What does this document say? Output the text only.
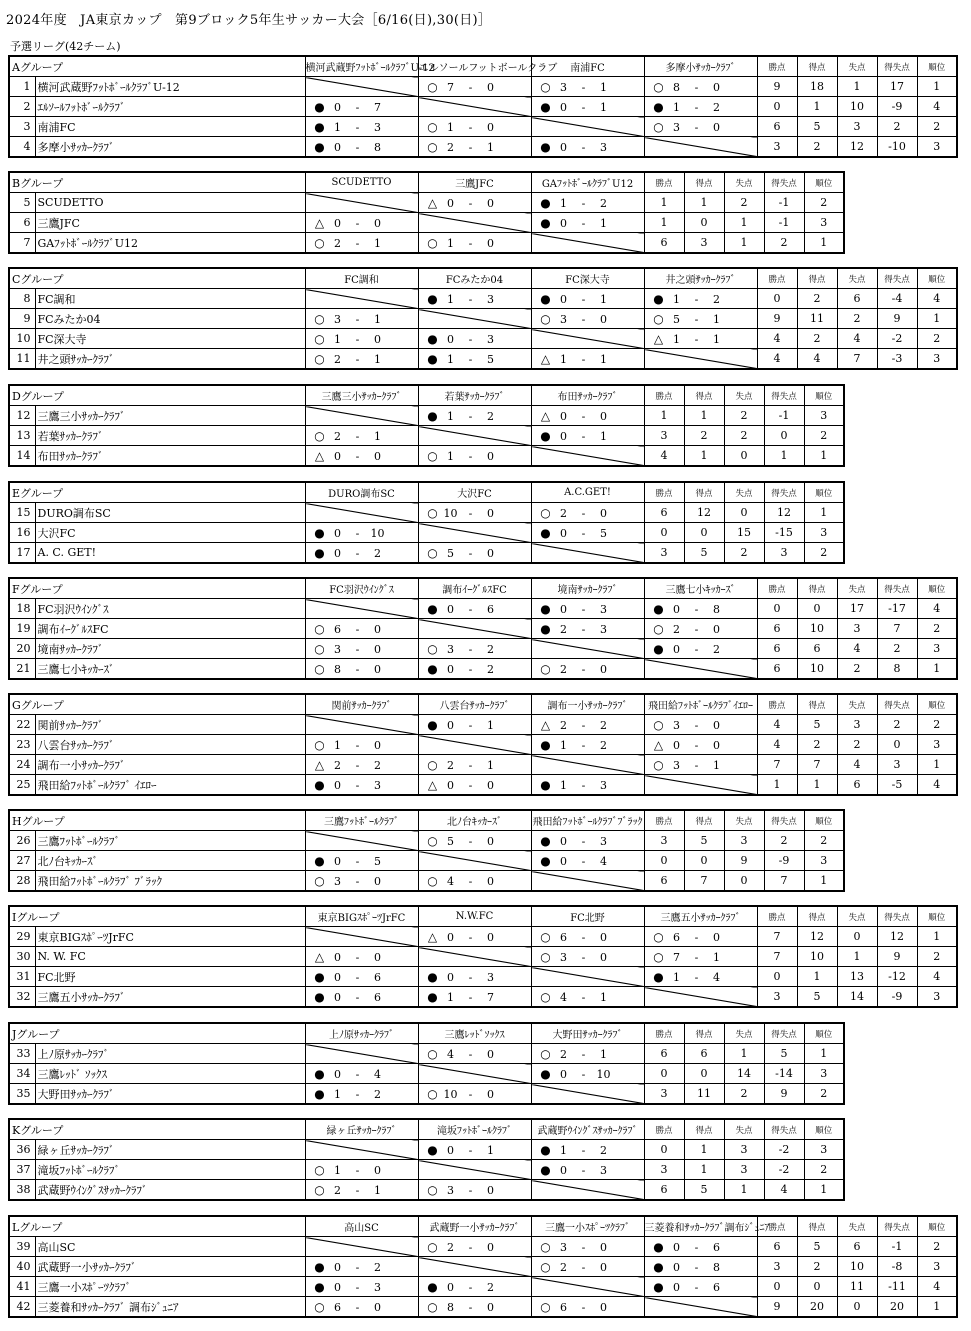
2024年度　JA東京カップ　第9ブロック5年生サッカー大会［6/16(日),30(日)］
予選リーグ(42チーム)
Aグループ		横河武蔵野ﾌｯﾄﾎﾞｰﾙｸﾗﾌﾞU-12	エルソールフットボールクラブ	南浦FC	多摩小ｻｯｶｰｸﾗﾌﾞ	勝点	得点	失点	得失点	順位
1	横河武蔵野ﾌｯﾄﾎﾞｰﾙｸﾗﾌﾞU-12		○ 7 - 0	○ 3 - 1	○ 8 - 0	9	18	1	17	1
2	ｴﾙｿｰﾙﾌｯﾄﾎﾞｰﾙｸﾗﾌﾞ	● 0 - 7		● 0 - 1	● 1 - 2	0	1	10	-9	4
3	南浦FC	● 1 - 3	○ 1 - 0		○ 3 - 0	6	5	3	2	2
4	多摩小ｻｯｶｰｸﾗﾌﾞ	● 0 - 8	○ 2 - 1	● 0 - 3		3	2	12	-10	3
Bグループ		SCUDETTO	三鷹JFC	GAﾌｯﾄﾎﾞｰﾙｸﾗﾌﾞU12	勝点	得点	失点	得失点	順位
5	SCUDETTO		△ 0 - 0	● 1 - 2	1	1	2	-1	2
6	三鷹JFC	△ 0 - 0		● 0 - 1	1	0	1	-1	3
7	GAﾌｯﾄﾎﾞｰﾙｸﾗﾌﾞU12	○ 2 - 1	○ 1 - 0		6	3	1	2	1
Cグループ		FC調和	FCみたか04	FC深大寺	井之頭ｻｯｶｰｸﾗﾌﾞ	勝点	得点	失点	得失点	順位
8	FC調和		● 1 - 3	● 0 - 1	● 1 - 2	0	2	6	-4	4
9	FCみたか04	○ 3 - 1		○ 3 - 0	○ 5 - 1	9	11	2	9	1
10	FC深大寺	○ 1 - 0	● 0 - 3		△ 1 - 1	4	2	4	-2	2
11	井之頭ｻｯｶｰｸﾗﾌﾞ	○ 2 - 1	● 1 - 5	△ 1 - 1		4	4	7	-3	3
Dグループ		三鷹三小ｻｯｶｰｸﾗﾌﾞ	若葉ｻｯｶｰｸﾗﾌﾞ	布田ｻｯｶｰｸﾗﾌﾞ	勝点	得点	失点	得失点	順位
12	三鷹三小ｻｯｶｰｸﾗﾌﾞ		● 1 - 2	△ 0 - 0	1	1	2	-1	3
13	若葉ｻｯｶｰｸﾗﾌﾞ	○ 2 - 1		● 0 - 1	3	2	2	0	2
14	布田ｻｯｶｰｸﾗﾌﾞ	△ 0 - 0	○ 1 - 0		4	1	0	1	1
Eグループ		DURO調布SC	大沢FC	A.C.GET!	勝点	得点	失点	得失点	順位
15	DURO調布SC		○ 10 - 0	○ 2 - 0	6	12	0	12	1
16	大沢FC	● 0 - 10		● 0 - 5	0	0	15	-15	3
17	A. C. GET!	● 0 - 2	○ 5 - 0		3	5	2	3	2
Fグループ		FC羽沢ｳｲﾝｸﾞｽ	調布ｲｰｸﾞﾙｽFC	境南ｻｯｶｰｸﾗﾌﾞ	三鷹七小ｷｯｶｰｽﾞ	勝点	得点	失点	得失点	順位
18	FC羽沢ｳｲﾝｸﾞｽ		● 0 - 6	● 0 - 3	● 0 - 8	0	0	17	-17	4
19	調布ｲｰｸﾞﾙｽFC	○ 6 - 0		● 2 - 3	○ 2 - 0	6	10	3	7	2
20	境南ｻｯｶｰｸﾗﾌﾞ	○ 3 - 0	○ 3 - 2		● 0 - 2	6	6	4	2	3
21	三鷹七小ｷｯｶｰｽﾞ	○ 8 - 0	● 0 - 2	○ 2 - 0		6	10	2	8	1
Gグループ		関前ｻｯｶｰｸﾗﾌﾞ	八雲台ｻｯｶｰｸﾗﾌﾞ	調布一小ｻｯｶｰｸﾗﾌﾞ	飛田給ﾌｯﾄﾎﾞｰﾙｸﾗﾌﾞｲｴﾛｰ	勝点	得点	失点	得失点	順位
22	関前ｻｯｶｰｸﾗﾌﾞ		● 0 - 1	△ 2 - 2	○ 3 - 0	4	5	3	2	2
23	八雲台ｻｯｶｰｸﾗﾌﾞ	○ 1 - 0		● 1 - 2	△ 0 - 0	4	2	2	0	3
24	調布一小ｻｯｶｰｸﾗﾌﾞ	△ 2 - 2	○ 2 - 1		○ 3 - 1	7	7	4	3	1
25	飛田給ﾌｯﾄﾎﾞｰﾙｸﾗﾌﾞ ｲｴﾛｰ	● 0 - 3	△ 0 - 0	● 1 - 3		1	1	6	-5	4
Hグループ		三鷹ﾌｯﾄﾎﾞｰﾙｸﾗﾌﾞ	北ﾉ台ｷｯｶｰｽﾞ	飛田給ﾌｯﾄﾎﾞｰﾙｸﾗﾌﾞﾌﾞﾗｯｸ	勝点	得点	失点	得失点	順位
26	三鷹ﾌｯﾄﾎﾞｰﾙｸﾗﾌﾞ		○ 5 - 0	● 0 - 3	3	5	3	2	2
27	北ﾉ台ｷｯｶｰｽﾞ	● 0 - 5		● 0 - 4	0	0	9	-9	3
28	飛田給ﾌｯﾄﾎﾞｰﾙｸﾗﾌﾞ ﾌﾞﾗｯｸ	○ 3 - 0	○ 4 - 0		6	7	0	7	1
Iグループ		東京BIGｽﾎﾟｰﾂJrFC	N.W.FC	FC北野	三鷹五小ｻｯｶｰｸﾗﾌﾞ	勝点	得点	失点	得失点	順位
29	東京BIGｽﾎﾟｰﾂJrFC		△ 0 - 0	○ 6 - 0	○ 6 - 0	7	12	0	12	1
30	N. W. FC	△ 0 - 0		○ 3 - 0	○ 7 - 1	7	10	1	9	2
31	FC北野	● 0 - 6	● 0 - 3		● 1 - 4	0	1	13	-12	4
32	三鷹五小ｻｯｶｰｸﾗﾌﾞ	● 0 - 6	● 1 - 7	○ 4 - 1		3	5	14	-9	3
Jグループ		上ﾉ原ｻｯｶｰｸﾗﾌﾞ	三鷹ﾚｯﾄﾞｿｯｸｽ	大野田ｻｯｶｰｸﾗﾌﾞ	勝点	得点	失点	得失点	順位
33	上ﾉ原ｻｯｶｰｸﾗﾌﾞ		○ 4 - 0	○ 2 - 1	6	6	1	5	1
34	三鷹ﾚｯﾄﾞ ｿｯｸｽ	● 0 - 4		● 0 - 10	0	0	14	-14	3
35	大野田ｻｯｶｰｸﾗﾌﾞ	● 1 - 2	○ 10 - 0		3	11	2	9	2
Kグループ		緑ヶ丘ｻｯｶｰｸﾗﾌﾞ	滝坂ﾌｯﾄﾎﾞｰﾙｸﾗﾌﾞ	武蔵野ｳｲﾝｸﾞｽｻｯｶｰｸﾗﾌﾞ	勝点	得点	失点	得失点	順位
36	緑ヶ丘ｻｯｶｰｸﾗﾌﾞ		● 0 - 1	● 1 - 2	0	1	3	-2	3
37	滝坂ﾌｯﾄﾎﾞｰﾙｸﾗﾌﾞ	○ 1 - 0		● 0 - 3	3	1	3	-2	2
38	武蔵野ｳｲﾝｸﾞｽｻｯｶｰｸﾗﾌﾞ	○ 2 - 1	○ 3 - 0		6	5	1	4	1
Lグループ		高山SC	武蔵野一小ｻｯｶｰｸﾗﾌﾞ	三鷹一小ｽﾎﾟｰﾂｸﾗﾌﾞ	三菱養和ｻｯｶｰｸﾗﾌﾞ調布ｼﾞｭﾆｱ	勝点	得点	失点	得失点	順位
39	高山SC		○ 2 - 0	○ 3 - 0	● 0 - 6	6	5	6	-1	2
40	武蔵野一小ｻｯｶｰｸﾗﾌﾞ	● 0 - 2		○ 2 - 0	● 0 - 8	3	2	10	-8	3
41	三鷹一小ｽﾎﾟｰﾂｸﾗﾌﾞ	● 0 - 3	● 0 - 2		● 0 - 6	0	0	11	-11	4
42	三菱養和ｻｯｶｰｸﾗﾌﾞ 調布ｼﾞｭﾆｱ	○ 6 - 0	○ 8 - 0	○ 6 - 0		9	20	0	20	1
